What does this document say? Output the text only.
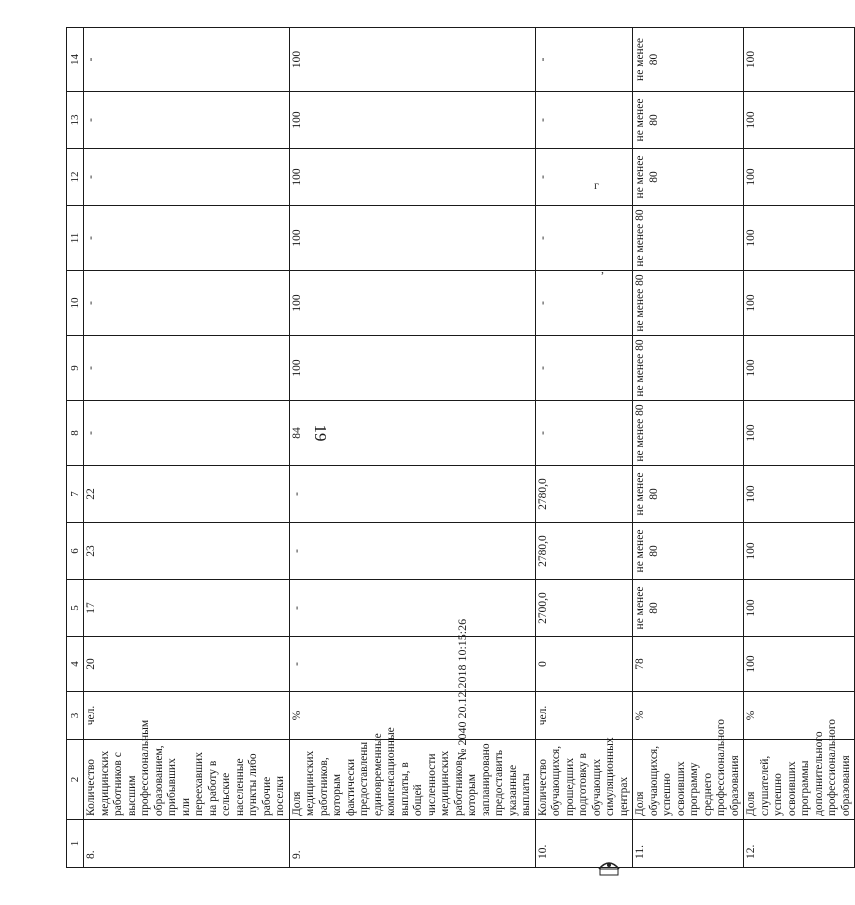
19
1	2	3	4	5	6	7	8	9	10	11	12	13	14
8.	Количество медицинских работников с высшим профессиональным образованием, прибывших или переехавших на работу в сельские населенные пункты либо рабочие поселки	чел.	20	17	23	22	-	-	-	-	-	-	-
9.	Доля медицинских работников, которым фактически предоставлены единовременные компенсационные выплаты, в общей численности медицинских работников, которым запланировано предоставить указанные выплаты	%	-	-	-	-	84	100	100	100	100	100	100
10.	Количество обучающихся, прошедших подготовку в обучающих симуляционных центрах	чел.	0	2700,0	2780,0	2780,0	-	-	-	-	-	-	-
11.	Доля обучающихся, успешно освоивших программу среднего профессионального образования	%	78	не менее 80	не менее 80	не менее 80	не менее 80	не менее 80	не менее 80	не менее 80	не менее 80	не менее 80	не менее 80
12.	Доля слушателей, успешно освоивших программы дополнительного профессионального образования	%	100	100	100	100	100	100	100	100	100	100	100
г
,
№ 2040 20.12.2018 10:15:26
